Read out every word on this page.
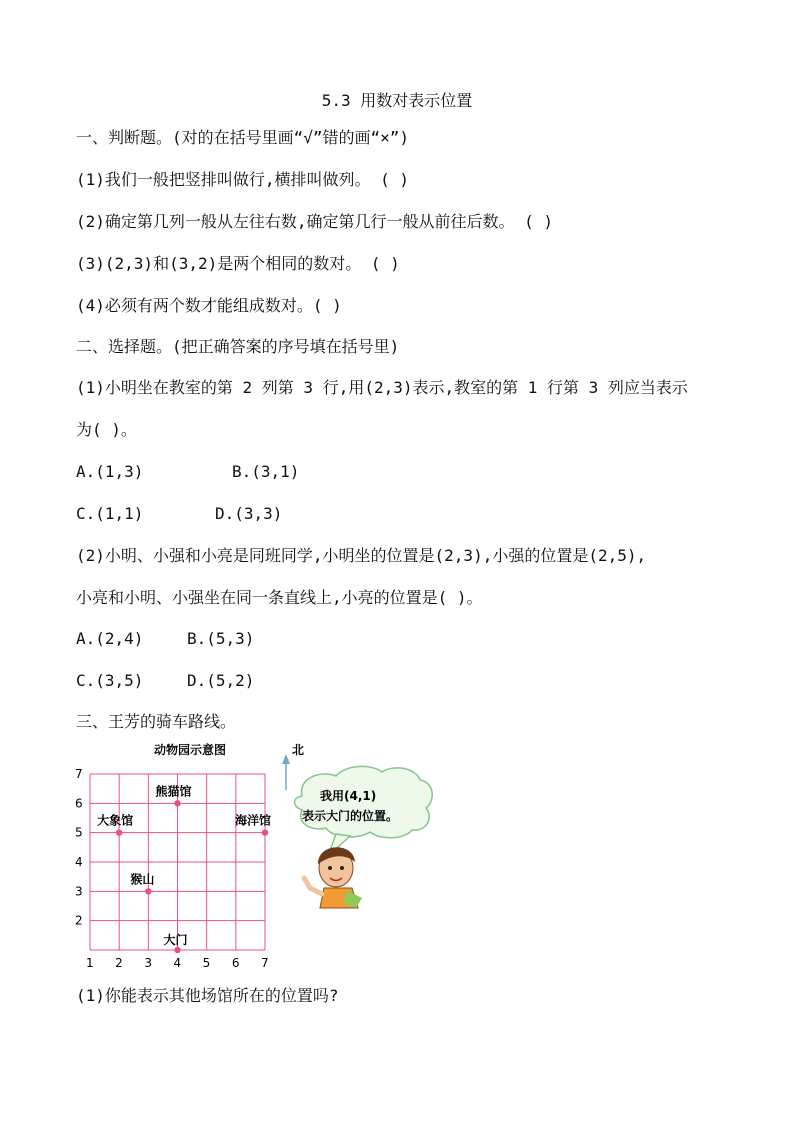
5.3 用数对表示位置
一、判断题。(对的在括号里画“√”错的画“×”)
(1)我们一般把竖排叫做行,横排叫做列。 ( )
(2)确定第几列一般从左往右数,确定第几行一般从前往后数。 ( )
(3)(2,3)和(3,2)是两个相同的数对。 ( )
(4)必须有两个数才能组成数对。( )
二、选择题。(把正确答案的序号填在括号里)
(1)小明坐在教室的第 2 列第 3 行,用(2,3)表示,教室的第 1 行第 3 列应当表示
为( )。
A.(1,3)	B.(3,1)
C.(1,1)	D.(3,3)
(2)小明、小强和小亮是同班同学,小明坐的位置是(2,3),小强的位置是(2,5),
小亮和小明、小强坐在同一条直线上,小亮的位置是( )。
A.(2,4)	B.(5,3)
C.(3,5)	D.(5,2)
三、王芳的骑车路线。
动物园示意图
2
3
4
5
6
7
1 2 3 4 5 6 7
熊猫馆
大象馆	海洋馆
猴山
大门
北
我用(4,1)
表示大门的位置。
(1)你能表示其他场馆所在的位置吗?
